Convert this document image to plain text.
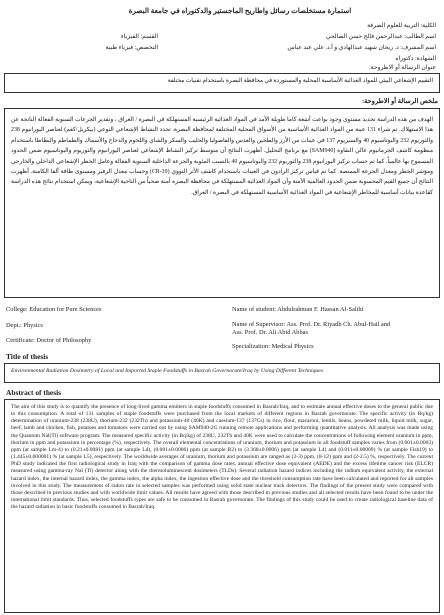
استمارة مستخلصات رسائل واطاريح الماجستير والدكتوراه في جامعة البصرة
الكلية: التربية للعلوم الصرفة
اسم الطالب: عبدالرحمن فالح حسن الصالحي
اسم المشرف: د. ريحان شهيد عبدالهادي و أ.د. علي عبد عباس
الشهادة: دكتوراه
القسم: الفيزياء
التخصص: فيزياء طبية
عنوان الرسالة أو الاطروحة:
التقييم الإشعاعي البيئي للمواد الغذائية الأساسية المحلية والمستوردة في محافظة البصرة باستخدام تقنيات مختلفة
ملخص الرسالة أو الاطروحة:

الهدف من هذه الدراسة تحديد مستوى وجود بواعث أشعة كاما طويلة الأمد في المواد الغذائية الرئيسية المستهلكة في البصرة / العراق ، وتقدير الجرعات السنوية الفعالة الناتجة عن هذا الاستهلاك. تم شراء 131 عينة من المواد الغذائية الأساسية من الأسواق المحلية المختلفة لمحافظة البصرة. تحدد النشاط الإشعاعي النوعي (بيكريل/كغم) لعناصر اليورانيوم 238 والثوريوم 232 والبوتاسيوم 40 والسيزيوم 137 في عينات من الأرز والطحين والعدس والفاصوليا والحليب والسكر والشاي واللحوم والدجاج والأسماك والطماطم والبطاطا باستخدام منظومة كاشف الجرمانيوم عالي النقاوة (SAM940) مع برنامج التحليل. أظهرت النتائج أن متوسط تركيز النشاط الإشعاعي لعناصر اليورانيوم والثوريوم والبوتاسيوم ضمن الحدود المسموح بها عالمياً. كما تم حساب تركيز اليورانيوم 238 والثوريوم 232 والبوتاسيوم 40 بالنسب المئوية والجرعة الداخلية السنوية الفعالة وعامل الخطر الإشعاعي الداخلي والخارجي ومؤشر الخطر ومعدل الجرعة الممتصة. كما تم قياس تركيز الرادون في العينات باستخدام كاشف الأثر النووي (CR-39) وحساب معدل الزفير ومستوى طاقة ألفا الكامنة. أظهرت النتائج أن جميع القيم المحسوبة ضمن الحدود العالمية الآمنة وأن المواد الغذائية المستهلكة في محافظة البصرة آمنة صحياً من الناحية الإشعاعية، ويمكن استخدام نتائج هذه الدراسة كقاعدة بيانات أساسية للمخاطر الإشعاعية في المواد الغذائية الأساسية المستهلكة في البصرة / العراق.

College: Education for Pure Sciences
Dept.: Physics
Certificate: Doctor of Philosophy
Name of student: Abdulrahman F. Hassan Al-Salihi
Name of Supervisor: Ass. Prof. Dr. Riyadh Ch. Abul-Hail and
Ass. Prof. Dr. Ali Abid Abbas
Specialization: Medical Physics
Title of thesis
Environmental Radiation Dosimetry of Local and Imported Staple Foodstuffs in Basrah Governorate/Iraq by Using Different Techniques
Abstract of thesis

The aim of this study is to quantify the presence of long-lived gamma emitters in staple foodstuffs consumed in Basrah/Iraq, and to estimate annual effective doses to the general public due to this consumption. A total of 131 samples of staple foodstuffs were purchased from the local markets of different regions in Basrah governorate. The specific activity (in Bq/kg) determination of uranium-238 (238U), thorium-232 (232Th) and potassium-40 (40K) and caesium-137 (137Cs) in rice, flour, macaroni, lentils, beans, powdered milk, liquid milk, sugar, beef, lamb and chicken, fish, potatoes and tomatoes were carried out by using SAM940-2G running remote applications and performing quantitative analysis. All analysis was made using the Quantum Nal(Tl) software program. The measured specific activity (in Bq/kg) of 238U, 232Th and 40K were used to calculate the concentrations of following element uranium in ppm, thorium in ppm and potassium in percentage (%), respectively. The overall elemental concentrations of uranium, thorium and potassium in all foodstuff samples varies from (0.001±0.0003) ppm (at sample Lm-4) to (0.21±0.0081) ppm (at sample Ld), (0.001±0.0006) ppm (at sample R2) to (3.368±0.0006) ppm (at sample L4) and (0.011±0.00009) % (at sample Fish19) to (1.445±0.000001) % (at sample L5), respectively. The worldwide averages of uranium, thorium and potassium are ranged as (2-3) ppm, (8-12) ppm and (2-2.5) %, respectively. The current PhD study indicated the first radiological study in Iraq with the comparison of gamma dose rates, annual effective dose equivalent (AEDE) and the excess lifetime cancer risk (ELCR) measured using gamma-ray Nal (Tl) detector along with the thermoluminescent dosimeters (TLDs). Several radiation hazard indices including the radium equivalent activity, the external hazard index, the internal hazard index, the gamma index, the alpha index, the ingestion effective dose and the threshold consumption rate have been calculated and reported for all samples involved in this study. The measurement of radon rate in selected samples was performed using solid state nuclear track detectors. The findings of the present study were compared with those described in previous studies and with worldwide limit values. All results have agreed with those described in previous studies and all selected results have been found to be under the international limit standards. Thus, selected foodstuffs types are safe to be consumed in Basrah governorate. The findings of this study could be used to create radiological baseline data of the hazard radiation in basic foodstuffs consumed in Basrah/Iraq.
